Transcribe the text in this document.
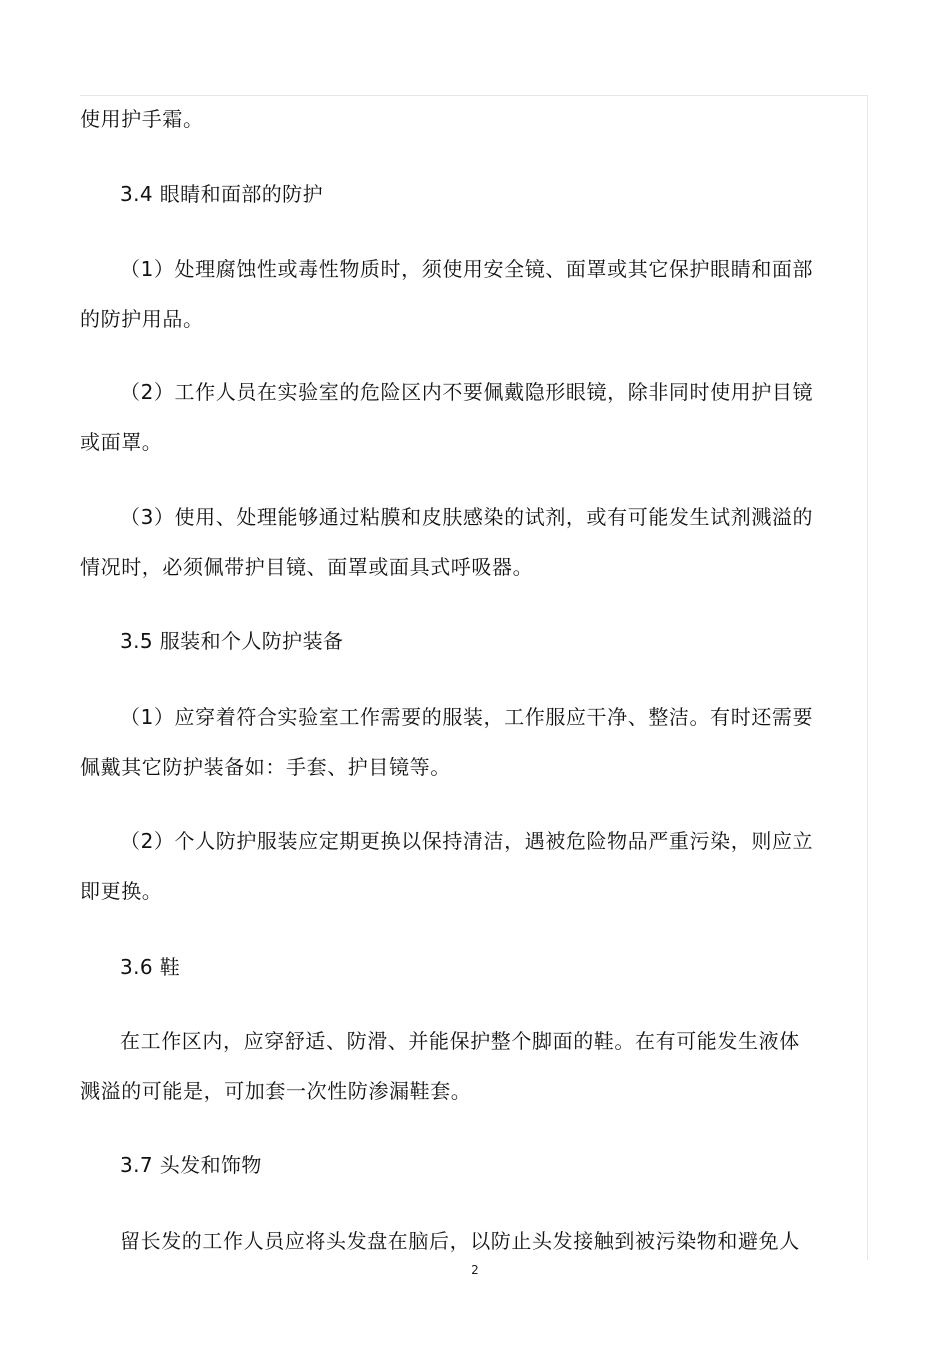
使用护手霜。
3.4 眼睛和面部的防护
（1）处理腐蚀性或毒性物质时，须使用安全镜、面罩或其它保护眼睛和面部
的防护用品。
（2）工作人员在实验室的危险区内不要佩戴隐形眼镜，除非同时使用护目镜
或面罩。
（3）使用、处理能够通过粘膜和皮肤感染的试剂，或有可能发生试剂溅溢的
情况时，必须佩带护目镜、面罩或面具式呼吸器。
3.5 服装和个人防护装备
（1）应穿着符合实验室工作需要的服装，工作服应干净、整洁。有时还需要
佩戴其它防护装备如：手套、护目镜等。
（2）个人防护服装应定期更换以保持清洁，遇被危险物品严重污染，则应立
即更换。
3.6 鞋
在工作区内，应穿舒适、防滑、并能保护整个脚面的鞋。在有可能发生液体
溅溢的可能是，可加套一次性防渗漏鞋套。
3.7 头发和饰物
留长发的工作人员应将头发盘在脑后，以防止头发接触到被污染物和避免人
2
